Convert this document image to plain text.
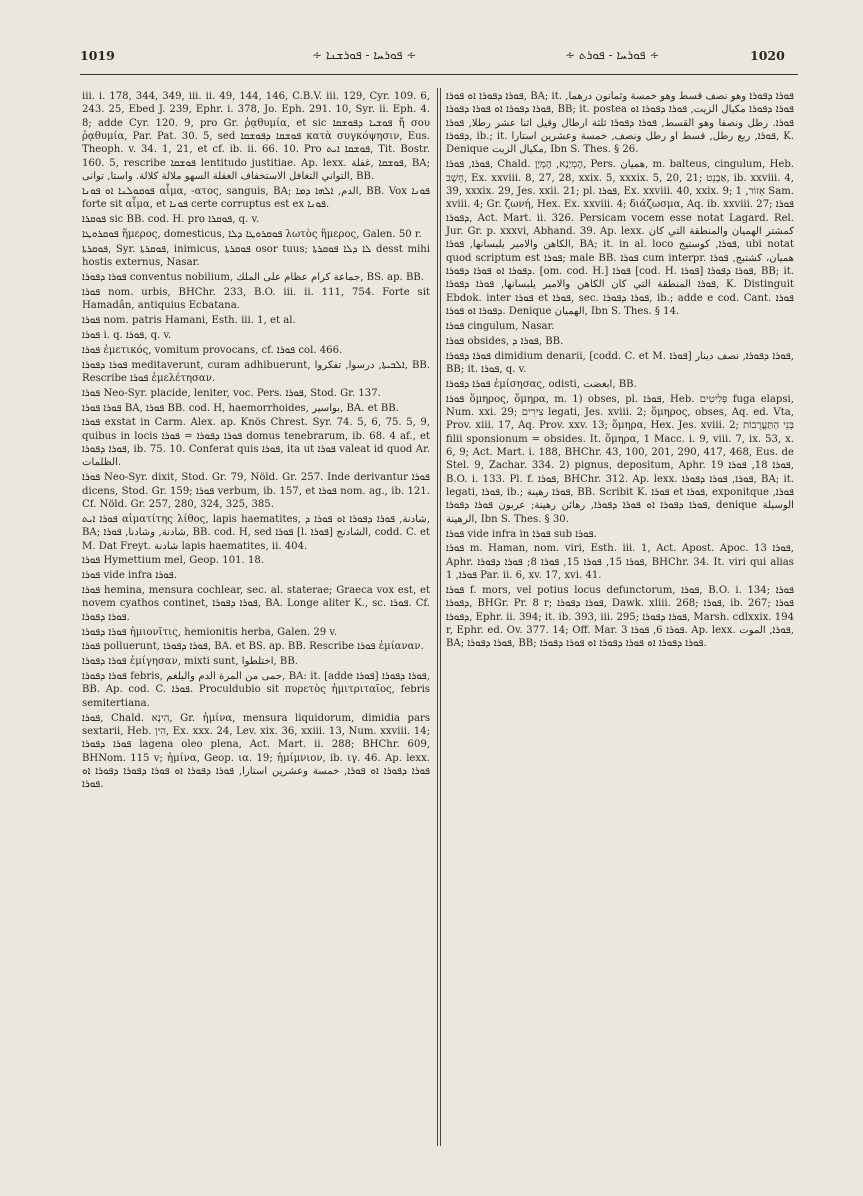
1019	∻ ܦܘܪܚܐ - ܦܘܪܫܢܐ ∻	∻ ܦܘܪܚܐ - ܦܘܪܬ ∻	1020

iii. i. 178, 344, 349, iii. ii. 49, 144, 146, C.B.V. iii. 129, Cyr. 109. 6, 243. 25, Ebed J. 239, Ephr. i. 378, Jo. Eph. 291. 10, Syr. ii. Eph. 4. 8; adde Cyr. 120. 9, pro Gr. ῥᾳθυμία, et sic ܦܘܫܝܐ ܕܦܘܫܩܐ ἤ σου ῥᾳθυμία, Par. Pat. 30. 5, sed ܦܘܫܩܐ ܕܦܘܫܩܐ κατὰ συγκόψησιν, Eus. Theoph. v. 34. 1, 21, et cf. ib. ii. 66. 10. Pro ܦܘܫܩܐ ܐܝܬ, Tit. Bostr. 160. 5, rescribe ܦܘܫܩܐ lentitudo justitiae. Ap. lexx. ܦܘܫܩܐ ,غفلة, BA; التواني التغافل الاستخفاف الغفلة السهو ملالة كلالة. واستا, توانى, BB.

ܦܘܩܘܠܢܐ ܐܘ ܦܘܢܐ αἷμα, -ατος, sanguis, BA; الدم, ܐܠܗܐ ܕܡܐ, BB. Vox ܦܘܢܐ forte sit αἷμα, et ܦܘܢܐ certe corruptus est ex ܦܘܢܐ.

ܦܘܩܪܐ sic BB. cod. H. pro ܦܘܩܪܐ, q. v.

ܦܘܩܪܘܛܐ ἥμερος, domesticus, ܦܘܩܪܘܛܐ ܕܠܐ λωτὸς ἥμερος, Galen. 50 r.

ܦܘܩܪܬܐ, Syr. ܦܘܩܪܬܐ, inimicus, ܦܘܩܪܬܐ osor tuus; ܠܐ ܕܠܐ ܦܘܩܪܬܐ desst mihi hostis externus, Nasar.

ܦܘܪܐ ܕܦܘܪܐ conventus nobilium, جماعة كرام عظام على الملك, BS. ap. BB.

ܦܘܪܐ nom. urbis, BHChr. 233, B.O. iii. ii. 111, 754. Forte sit Hamadân, antiquius Ecbatana.

ܦܘܪܐ nom. patris Hamani, Esth. iii. 1, et al.

ܦܘܪܐ i. q. ܦܘܪܐ, q. v.

ܦܘܪܐ ἐμετικός, vomitum provocans, cf. ܦܘܪܐ col. 466.

ܦܘܪܐ ܕܦܘܪܐ meditaverunt, curam adhibuerunt, ܐܠܒܝܬܐ, درسوا, تفكروا, BB. Rescribe ܦܘܪܐ ἐμελέτησαν.

ܦܘܪܐ Neo-Syr. placide, leniter, voc. Pers. ܦܘܪܐ, Stod. Gr. 137.

ܦܘܪܐ ܦܘܪܐ BA, ܦܘܪܐ BB. cod. H, haemorrhoides, بواسير, BA. et BB.

ܦܘܪܐ exstat in Carm. Alex. ap. Knös Chrest. Syr. 74. 5, 6, 75. 5, 9, quibus in locis ܦܘܪܐ ܕܦܘܪܐ = ܦܘܪܐ domus tenebrarum, ib. 68. 4 af., et ܦܘܪܐ ܕܦܘܪܐ, ib. 75. 10. Conferat quis ܦܘܪܐ, ita ut ܦܘܪܐ valeat id quod Ar. الظلمات.

ܦܘܪܐ Neo-Syr. dixit, Stod. Gr. 79, Nöld. Gr. 257. Inde derivantur ܦܘܪܐ dicens, Stod. Gr. 159; ܦܘܪܐ verbum, ib. 157, et ܦܘܪܐ nom. ag., ib. 121. Cf. Nöld. Gr. 257, 280, 324, 325, 385.

ܦܘܪܐ ܐܝܬ αἱματίτης λίθος, lapis haematites, شادنة, ܦܘܪܐ ܕܦܘܪܐ ܐܘ ܦܘܪܐ ܕ, BA; شادنة, وشادنا, ܦܘܪܐ, BB. cod. H, sed ܦܘܪܐ [l. ܦܘܪܐ] الشادنج, codd. C. et M. Dat Freyt. شادنة lapis haematites, ii. 404.

ܦܘܪܐ Hymettium mel, Geop. 101. 18.

ܦܘܪܐ vide infra ܦܘܪܐ.

ܦܘܪܐ hemina, mensura cochlear, sec. al. staterae; Graeca vox est, et novem cyathos continet, ܦܘܪܐ ܕܦܘܪܐ, BA. Longe aliter K., sc. ܦܘܪܐ. Cf. ܦܘܪܐ ܕܦܘܪܐ.

ܦܘܪܐ ܕܦܘܪܐ ἡμιονῖτις, hemionitis herba, Galen. 29 v.

ܦܘܪܐ polluerunt, ܦܘܪܐ ܕܦܘܪܐ, BA. et BS. ap. BB. Rescribe ܦܘܪܐ ἐμίαναν.

ܦܘܪܐ ܕܦܘܪܐ ἐμίγησαν, mixti sunt, اختلطوا, BB.

ܦܘܪܐ ܕܦܘܪܐ febris, حمى من المرة الدم والبلغم, BA: it. [adde ܦܘܪܐ] ܦܘܪܐ ܕܦܘܪܐ, BB. Ap. cod. C. ܦܘܪܐ. Proculdubio sit πυρετὸς ἡμιτριταῖος, febris semitertiana.

ܦܘܪܐ, Chald. הִינָא, Gr. ἡμίνα, mensura liquidorum, dimidia pars sextarii, Heb. הִין, Ex. xxx. 24, Lev. xix. 36, xxiii. 13, Num. xxviii. 14; ܦܘܪܐ ܕܦܘܪܐ lagena oleo plena, Act. Mart. ii. 288; BHChr. 609, BHNom. 115 v; ἡμίνα, Geop. ια. 19; ἡμίμνιον, ib. ιγ. 46. Ap. lexx. ܦܘܪܐ ܕܦܘܪܐ ܐܘ ܦܘܪܐ, خمسة وعشرين استارا, ܦܘܪܐ ܕܦܘܪܐ ܐܘ ܦܘܪܐ ܕܦܘܪܐ ܕܦܘܪܐ ܐܘ ܦܘܪܐ.

ܦܘܪܐ ܕܦܘܪܐ ܐܘ ܦܘܪܐ, BA; it. ܦܘܪܐ ܕܦܘܪܐ وهو نصف قسط وهو خمسة وثمانون درهما, ܦܘܪܐ ܕܦܘܪܐ ܐܘ ܦܘܪܐ ܕܦܘܪܐ, BB; it. postea ܦܘܪܐ ܕܦܘܪܐ مكيال الزيت, ܦܘܪܐ ܕܦܘܪܐ ܐܘ ܦܘܪܐ. رطل ونصفا وهو القسط, ܦܘܪܐ ܕܦܘܪܐ ثلثة ارطال وقيل اثنا عشر رطلا, ܦܘܪܐ ܕܦܘܪܐ, ib.; it. ܦܘܪܐ, ربع رطل, قسط او رطل ونصف, خمسة وعشرين استارا, K. Denique مكيال الزيت, Ibn S. Thes. § 26.

ܦܘܪܐ, ܦܘܪܐ, Chald. הֶמְיָנָא, הֶמְיָן, Pers. هميان, m. balteus, cingulum, Heb. חֵשֶׁב, Ex. xxviii. 8, 27, 28, xxix. 5, xxxix. 5, 20, 21; אַבְנֵט, ib. xxviii. 4, 39, xxxix. 29, Jes. xxii. 21; pl. ܦܘܪܐ, Ex. xxviii. 40, xxix. 9; אֵזוֹר, 1 Sam. xviii. 4; Gr. ζωνή, Hex. Ex. xxviii. 4; διάζωσμα, Aq. ib. xxviii. 27; ܦܘܪܐ ܕܦܘܪܐ, Act. Mart. ii. 326. Persicam vocem esse notat Lagard. Rel. Jur. Gr. p. xxxvi, Abhand. 39. Ap. lexx. كمشتر الهميان والمنطقة التي كان الكاهن والامير يلبسانها, ܦܘܪܐ, BA; it. in al. loco ܦܘܪܐ, كوستيج, ubi notat quod scriptum est ܦܘܪܐ; male BB. ܦܘܪܐ cum interpr. هميان، كشتبج, ܦܘܪܐ ܕܦܘܪܐ ܐܘ ܦܘܪܐ ܕܦܘܪܐ. [om. cod. H.] ܦܘܪܐ [cod. H. ܦܘܪܐ] ܦܘܪܐ ܕܦܘܪܐ, BB; it. ܦܘܪܐ المنطقة التي كان الكاهن والامير يلبسانها, ܦܘܪܐ ܕܦܘܪܐ, K. Distinguit Ebdok. inter ܦܘܪܐ et ܦܘܪܐ, sec. ܦܘܪܐ ܕܦܘܪܐ, ib.; adde e cod. Cant. ܦܘܪܐ ܕܦܘܪܐ ܐܘ ܦܘܪܐ. Denique الهميان, Ibn S. Thes. § 14.

ܦܘܪܐ cingulum, Nasar.

ܦܘܪܐ obsides, ܦܘܪܐ ܕ, BB.

ܦܘܪܐ ܕܦܘܪܐ dimidium denarii, [codd. C. et M. ܦܘܪܐ] ܦܘܪܐ ܕܦܘܪܐ, نصف دينار, BB; it. ܦܘܪܐ, q. v.

ܦܘܪܐ ܕܦܘܪܐ ἐμίσησας, odisti, ابغضت, BB.

ܦܘܪܐ ὅμηρος, ὅμηρα, m. 1) obses, pl. ܦܘܪܐ, Heb. פְּלִיטִים fuga elapsi, Num. xxi. 29; צִירִים legati, Jes. xviii. 2; ὅμηρος, obses, Aq. ed. Vta, Prov. xiii. 17, Aq. Prov. xxv. 13; ὅμηρα, Hex. Jes. xviii. 2; בְּנֵי הַתַּעֲרֻבוֹת filii sponsionum = obsides. It. ὅμηρα, 1 Macc. i. 9, viii. 7, ix. 53, x. 6, 9; Act. Mart. i. 188, BHChr. 43, 100, 201, 290, 417, 468, Eus. de Stel. 9, Zachar. 334. 2) pignus, depositum, Aphr. ܦܘܪܐ 18, ܦܘܪܐ 19, B.O. i. 133. Pl. f. ܦܘܪܐ, BHChr. 312. Ap. lexx. ܦܘܪܐ, ܦܘܪܐ ܕܦܘܪܐ, BA; it. legati, ܦܘܪܐ, ib.; ܦܘܪܐ رهينة, BB. Scribit K. ܦܘܪܐ et ܦܘܪܐ, exponitque ܦܘܪܐ, ܦܘܪܐ ܕܦܘܪܐ ܐܘ ܦܘܪܐ ܕܦܘܪܐ, رهائن رهينة; عربون ܦܘܪܐ ܕܦܘܪܐ, denique الوسيلة الرهينة, Ibn S. Thes. § 30.

ܦܘܪܐ vide infra in ܦܘܪܐ sub ܦܘܪܐ.

ܦܘܪܐ m. Haman, nom. viri, Esth. iii. 1, Act. Apost. Apoc. ܦܘܪܐ 13, Aphr. ܦܘܪܐ 15, ܦܘܪܐ 15, ܦܘܪܐ 8; ܦܘܪܐ ܕܦܘܪܐ, BHChr. 34. It. viri qui alias ܦܘܪܐ, 1 Par. ii. 6, xv. 17, xvi. 41.

ܦܘܪܐ f. mors, vel potius locus defunctorum, ܦܘܪܐ, B.O. i. 134; ܦܘܪܐ ܕܦܘܪܐ, BHGr. Pr. 8 r; ܦܘܪܐ ܕܦܘܪܐ, Dawk. xliii. 268; ܦܘܪܐ, ib. 267; ܦܘܪܐ ܕܦܘܪܐ, Ephr. ii. 394; it. ib. 393, iii. 295; ܦܘܪܐ ܕܦܘܪܐ, Marsh. cdlxxix. 194 r, Ephr. ed. Ov. 377. 14; Off. Mar. ܦܘܪܐ 6, ܦܘܪܐ 3. Ap. lexx. ܦܘܪܐ, الموت, BA; ܦܘܪܐ ܕܦܘܪܐ, BB; ܦܘܪܐ ܕܦܘܪܐ ܐܘ ܦܘܪܐ ܕܦܘܪܐ ܐܘ ܦܘܪܐ ܕܦܘܪܐ.
